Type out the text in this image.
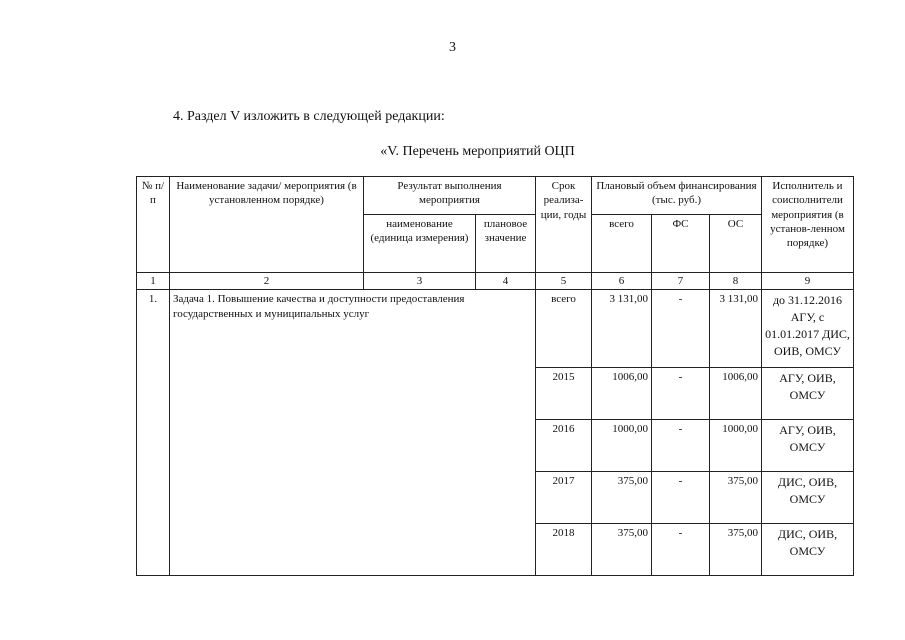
3
4. Раздел V изложить в следующей редакции:
«V. Перечень мероприятий ОЦП
№ п/п	Наименование задачи/ мероприятия (в установленном порядке)	Результат выполнения мероприятия		Срок реализа-ции, годы	Плановый объем финансирования (тыс. руб.)			Исполнитель и соисполнители мероприятия (в установ-ленном порядке)
		наименование (единица измерения)	плановое значение		всего	ФС	ОС	
1	2	3	4	5	6	7	8	9
1.	Задача 1. Повышение качества и доступности предоставления государственных и муниципальных услуг			всего	3 131,00	-	3 131,00	до 31.12.2016 АГУ, с 01.01.2017 ДИС, ОИВ, ОМСУ
				2015	1006,00	-	1006,00	АГУ, ОИВ, ОМСУ
				2016	1000,00	-	1000,00	АГУ, ОИВ, ОМСУ
				2017	375,00	-	375,00	ДИС, ОИВ, ОМСУ
				2018	375,00	-	375,00	ДИС, ОИВ, ОМСУ
